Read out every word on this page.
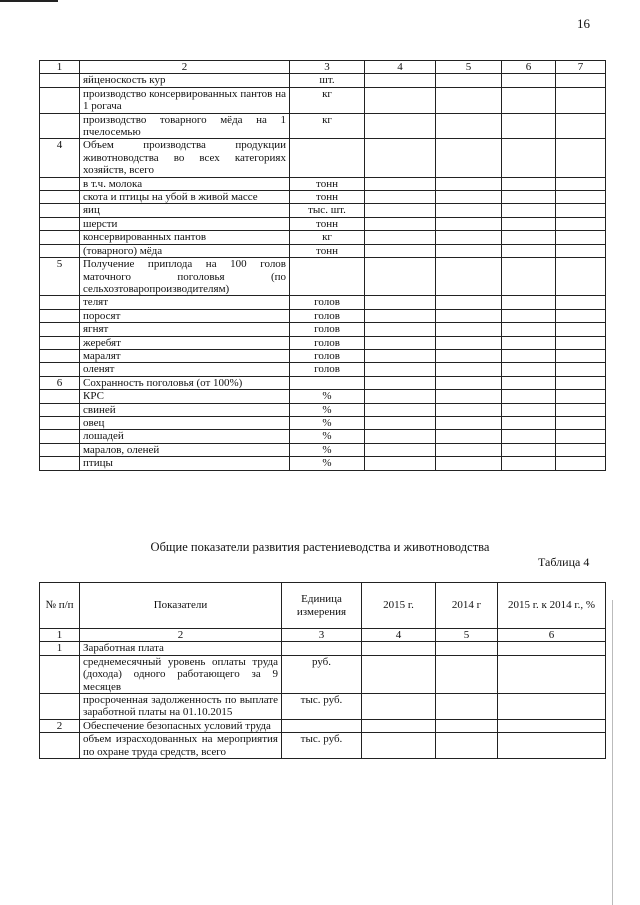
16
1	2	3	4	5	6	7
	яйценоскость кур	шт.				
	производство консервированных пантов на 1 рогача	кг				
	производство товарного мёда на 1 пчелосемью	кг				
4	Объем производства продукции животноводства во всех категориях хозяйств, всего					
	в т.ч. молока	тонн				
	скота и птицы на убой в живой массе	тонн				
	яиц	тыс. шт.				
	шерсти	тонн				
	консервированных пантов	кг				
	(товарного) мёда	тонн				
5	Получение приплода на 100 голов маточного поголовья (по сельхозтоваропроизводителям)					
	телят	голов				
	поросят	голов				
	ягнят	голов				
	жеребят	голов				
	маралят	голов				
	оленят	голов				
6	Сохранность поголовья (от 100%)					
	КРС	%				
	свиней	%				
	овец	%				
	лошадей	%				
	маралов, оленей	%				
	птицы	%				
Общие показатели развития растениеводства и животноводства
Таблица 4
№ п/п	Показатели	Единица измерения	2015 г.	2014 г	2015 г. к 2014 г., %
1	2	3	4	5	6
1	Заработная плата				
	среднемесячный уровень оплаты труда (дохода) одного работающего за 9 месяцев	руб.			
	просроченная задолженность по выплате заработной платы на 01.10.2015	тыс. руб.			
2	Обеспечение безопасных условий труда				
	объем израсходованных на мероприятия по охране труда средств, всего	тыс. руб.			
